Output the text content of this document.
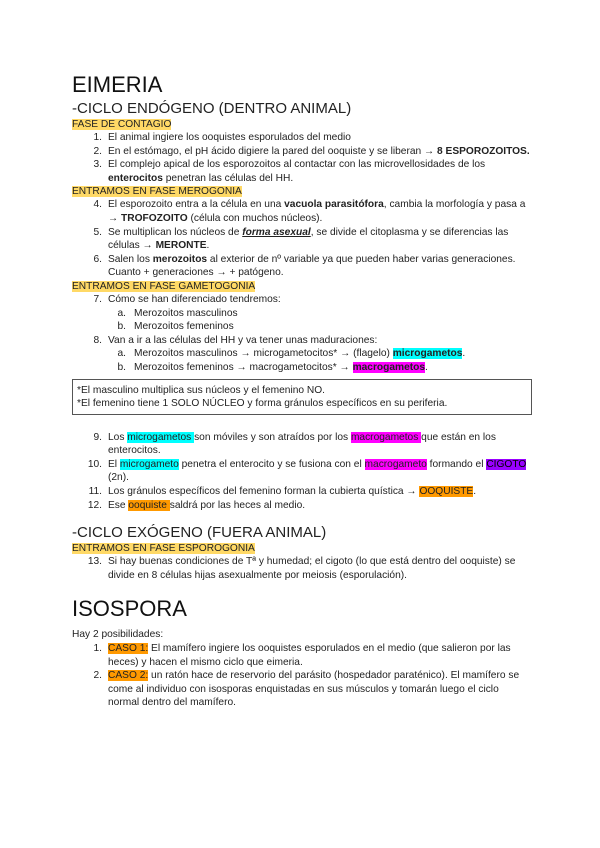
EIMERIA
-CICLO ENDÓGENO (DENTRO ANIMAL)

FASE DE CONTAGIO

1. El animal ingiere los ooquistes esporulados del medio
2. En el estómago, el pH ácido digiere la pared del ooquiste y se liberan → 8 ESPOROZOITOS.
3. El complejo apical de los esporozoitos al contactar con las microvellosidades de los enterocitos penetran las células del HH.

ENTRAMOS EN FASE MEROGONIA

4. El esporozoito entra a la célula en una vacuola parasitófora, cambia la morfología y pasa a → TROFOZOITO (célula con muchos núcleos).
5. Se multiplican los núcleos de forma asexual, se divide el citoplasma y se diferencias las células → MERONTE.
6. Salen los merozoitos al exterior de nº variable ya que pueden haber varias generaciones. Cuanto + generaciones → + patógeno.

ENTRAMOS EN FASE GAMETOGONIA

7. Cómo se han diferenciado tendremos:
a. Merozoitos masculinos
b. Merozoitos femeninos
8. Van a ir a las células del HH y va tener unas maduraciones:
a. Merozoitos masculinos → microgametocitos* → (flagelo) microgametos.
b. Merozoitos femeninos → macrogametocitos* → macrogametos.
*El masculino multiplica sus núcleos y el femenino NO.
*El femenino tiene 1 SOLO NÚCLEO y forma gránulos específicos en su periferia.
9. Los microgametos son móviles y son atraídos por los macrogametos que están en los enterocitos.
10. El microgameto penetra el enterocito y se fusiona con el macrogameto formando el CIGOTO (2n).
11. Los gránulos específicos del femenino forman la cubierta quística → OOQUISTE.
12. Ese ooquiste saldrá por las heces al medio.
-CICLO EXÓGENO (FUERA ANIMAL)

ENTRAMOS EN FASE ESPOROGONIA

13. Si hay buenas condiciones de Tª y humedad; el cigoto (lo que está dentro del ooquiste) se divide en 8 células hijas asexualmente por meiosis (esporulación).
ISOSPORA

Hay 2 posibilidades:

1. CASO 1: El mamífero ingiere los ooquistes esporulados en el medio (que salieron por las heces) y hacen el mismo ciclo que eimeria.
2. CASO 2: un ratón hace de reservorio del parásito (hospedador paraténico). El mamífero se come al individuo con isosporas enquistadas en sus músculos y tomarán luego el ciclo normal dentro del mamífero.
